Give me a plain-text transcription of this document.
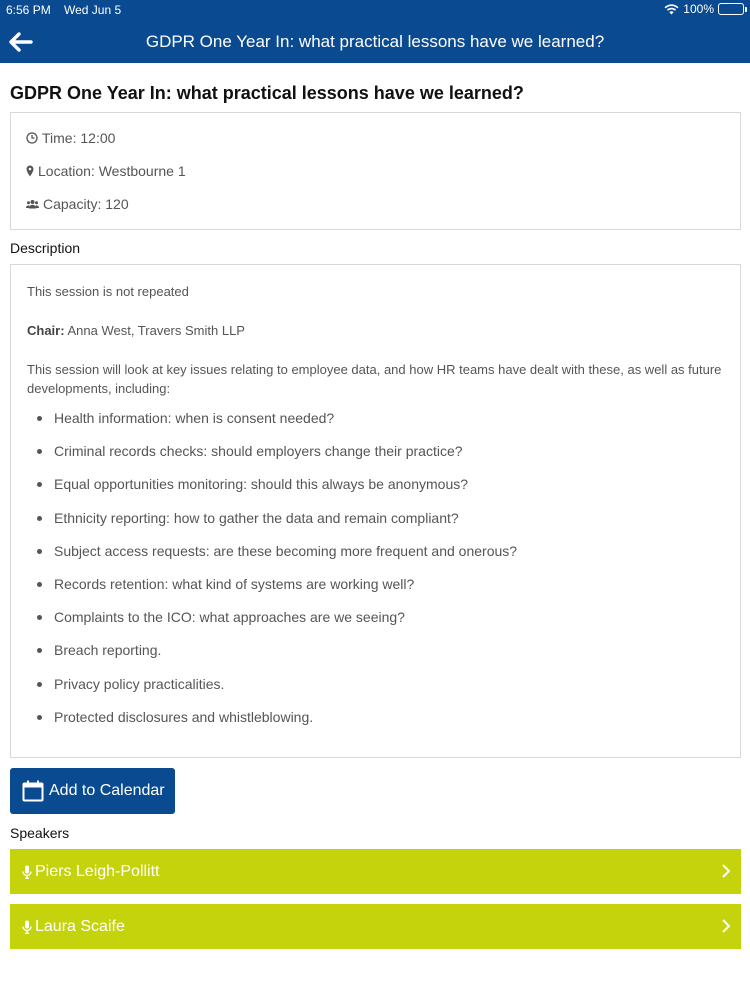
6:56 PM Wed Jun 5	100%
GDPR One Year In: what practical lessons have we learned?
GDPR One Year In: what practical lessons have we learned?
Time: 12:00
Location: Westbourne 1
Capacity: 120
Description

This session is not repeated

Chair: Anna West, Travers Smith LLP

This session will look at key issues relating to employee data, and how HR teams have dealt with these, as well as future developments, including:

Health information: when is consent needed?
Criminal records checks: should employers change their practice?
Equal opportunities monitoring: should this always be anonymous?
Ethnicity reporting: how to gather the data and remain compliant?
Subject access requests: are these becoming more frequent and onerous?
Records retention: what kind of systems are working well?
Complaints to the ICO: what approaches are we seeing?
Breach reporting.
Privacy policy practicalities.
Protected disclosures and whistleblowing.
Add to Calendar
Speakers
Piers Leigh-Pollitt
Laura Scaife
